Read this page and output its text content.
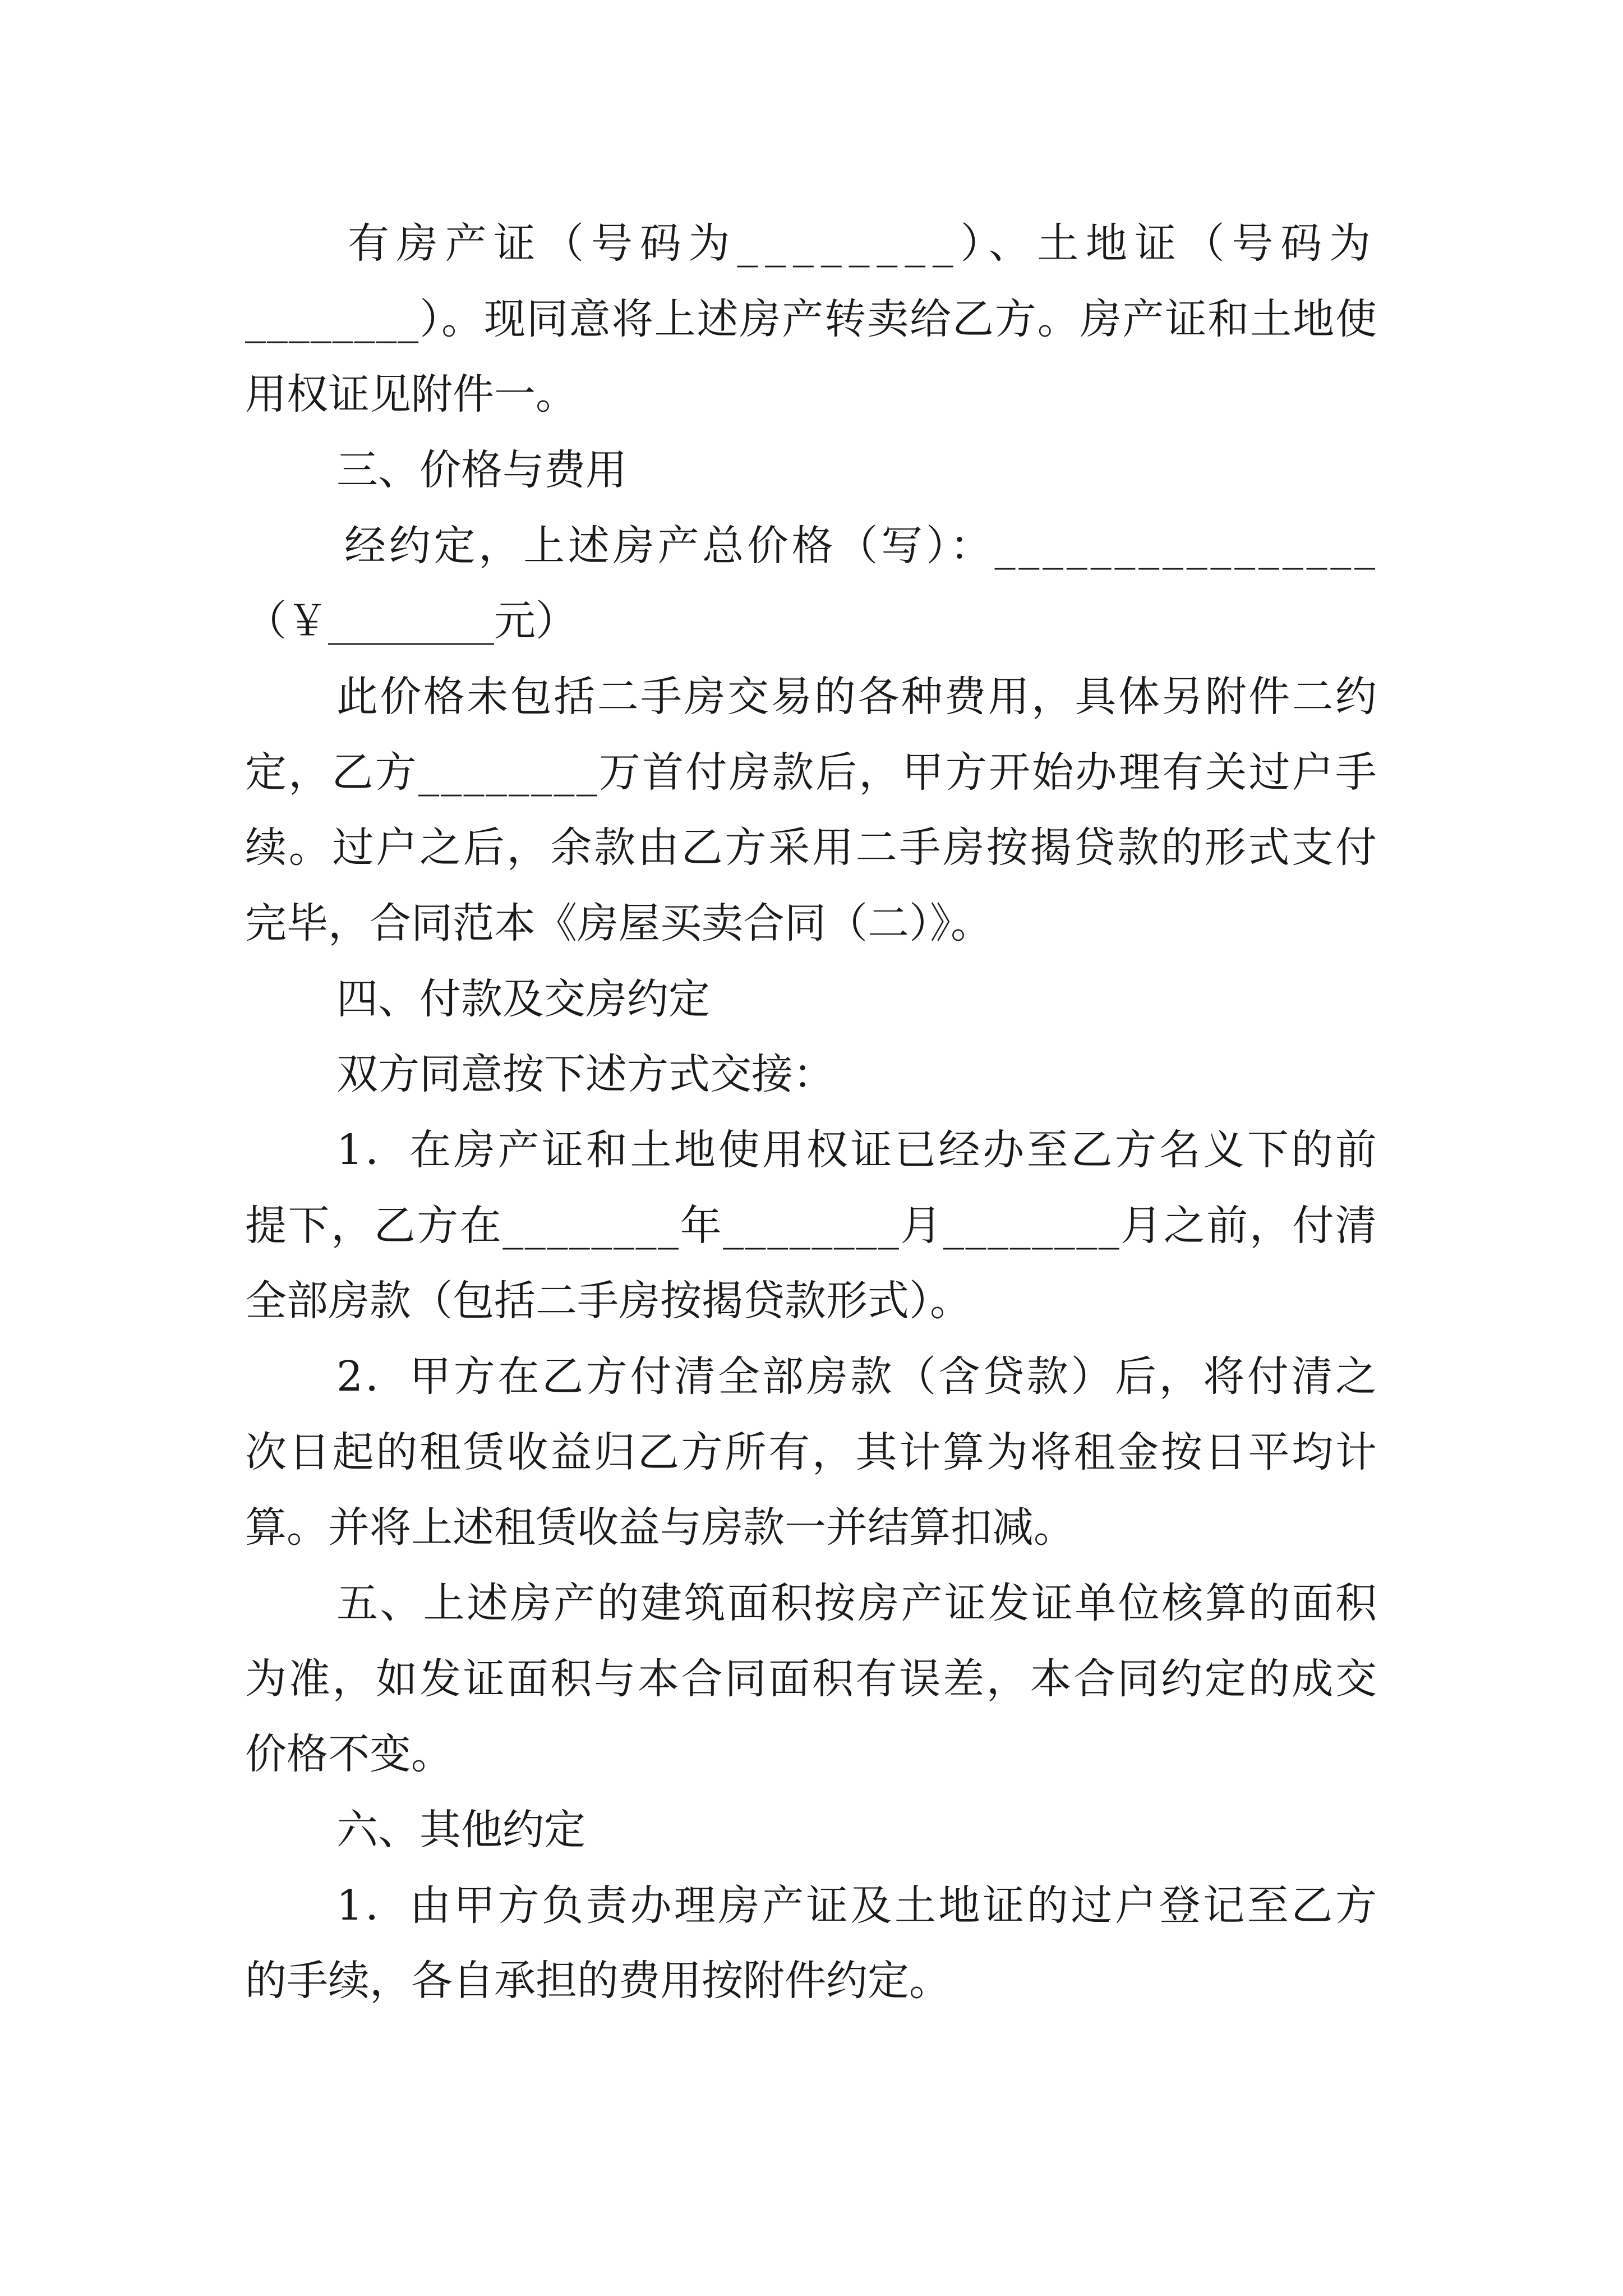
有房产证（号码为________）、土地证（号码为

________）。现同意将上述房产转卖给乙方。房产证和土地使

用权证见附件一。

三、价格与费用

经约定，上述房产总价格（写）：________________

（￥________元）

此价格未包括二手房交易的各种费用，具体另附件二约

定，乙方________万首付房款后，甲方开始办理有关过户手

续。过户之后，余款由乙方采用二手房按揭贷款的形式支付

完毕，合同范本《房屋买卖合同（二）》。

四、付款及交房约定

双方同意按下述方式交接：

1．在房产证和土地使用权证已经办至乙方名义下的前

提下，乙方在________年________月________月之前，付清

全部房款（包括二手房按揭贷款形式）。

2．甲方在乙方付清全部房款（含贷款）后，将付清之

次日起的租赁收益归乙方所有，其计算为将租金按日平均计

算。并将上述租赁收益与房款一并结算扣减。

五、上述房产的建筑面积按房产证发证单位核算的面积

为准，如发证面积与本合同面积有误差，本合同约定的成交

价格不变。

六、其他约定

1．由甲方负责办理房产证及土地证的过户登记至乙方

的手续，各自承担的费用按附件约定。
